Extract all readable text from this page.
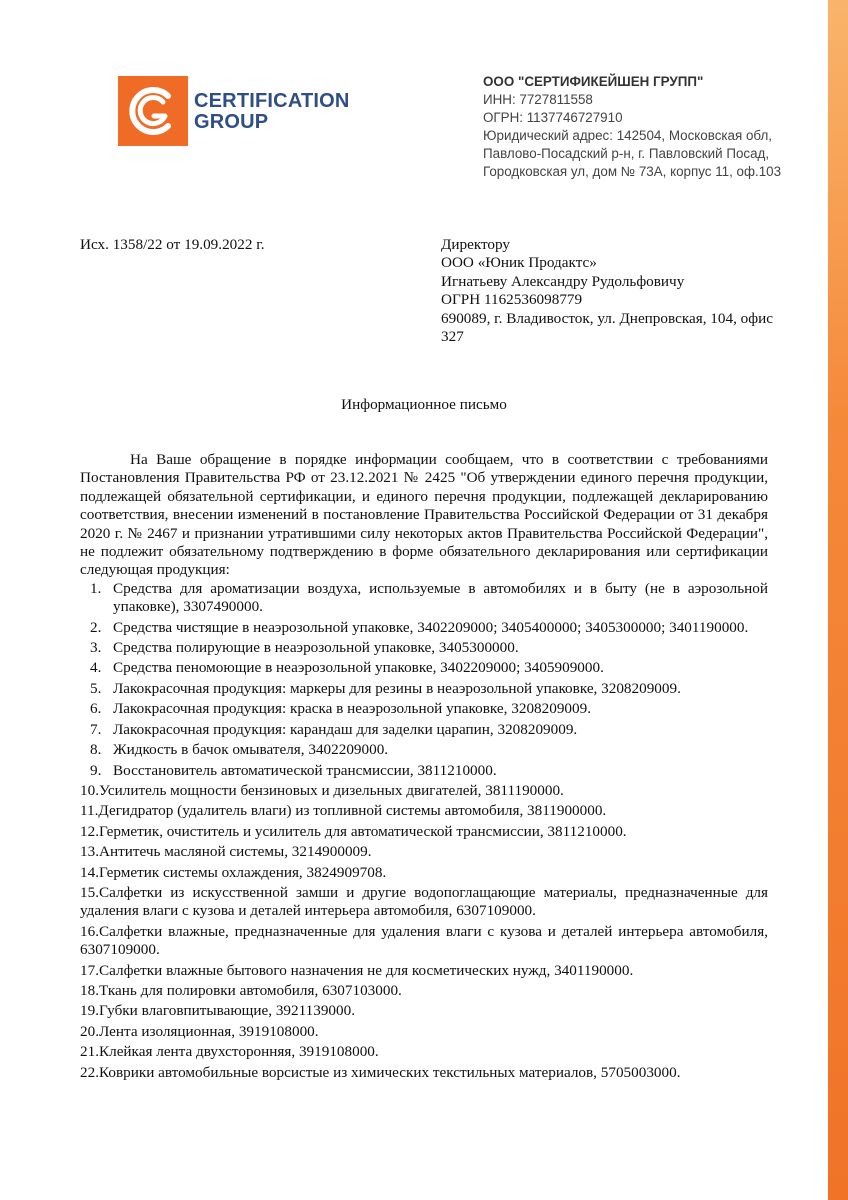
CERTIFICATION
GROUP
ООО "СЕРТИФИКЕЙШЕН ГРУПП"
ИНН: 7727811558
ОГРН: 1137746727910
Юридический адрес: 142504, Московская обл,
Павлово-Посадский р-н, г. Павловский Посад,
Городковская ул, дом № 73А, корпус 11, оф.103
Исх. 1358/22 от 19.09.2022 г.	Директору
ООО «Юник Продактс»
Игнатьеву Александру Рудольфовичу
ОГРН 1162536098779
690089, г. Владивосток, ул. Днепровская, 104, офис 327
Информационное письмо

На Ваше обращение в порядке информации сообщаем, что в соответствии с требованиями Постановления Правительства РФ от 23.12.2021 № 2425 "Об утверждении единого перечня продукции, подлежащей обязательной сертификации, и единого перечня продукции, подлежащей декларированию соответствия, внесении изменений в постановление Правительства Российской Федерации от 31 декабря 2020 г. № 2467 и признании утратившими силу некоторых актов Правительства Российской Федерации", не подлежит обязательному подтверждению в форме обязательного декларирования или сертификации следующая продукция:

1. Средства для ароматизации воздуха, используемые в автомобилях и в быту (не в аэрозольной упаковке), 3307490000.
2. Средства чистящие в неаэрозольной упаковке, 3402209000; 3405400000; 3405300000; 3401190000.
3. Средства полирующие в неаэрозольной упаковке, 3405300000.
4. Средства пеномоющие в неаэрозольной упаковке, 3402209000; 3405909000.
5. Лакокрасочная продукция: маркеры для резины в неаэрозольной упаковке, 3208209009.
6. Лакокрасочная продукция: краска в неаэрозольной упаковке, 3208209009.
7. Лакокрасочная продукция: карандаш для заделки царапин, 3208209009.
8. Жидкость в бачок омывателя, 3402209000.
9. Восстановитель автоматической трансмиссии, 3811210000.
10.Усилитель мощности бензиновых и дизельных двигателей, 3811190000.
11.Дегидратор (удалитель влаги) из топливной системы автомобиля, 3811900000.
12.Герметик, очиститель и усилитель для автоматической трансмиссии, 3811210000.
13.Антитечь масляной системы, 3214900009.
14.Герметик системы охлаждения, 3824909708.
15.Салфетки из искусственной замши и другие водопоглащающие материалы, предназначенные для удаления влаги с кузова и деталей интерьера автомобиля, 6307109000.
16.Салфетки влажные, предназначенные для удаления влаги с кузова и деталей интерьера автомобиля, 6307109000.
17.Салфетки влажные бытового назначения не для косметических нужд, 3401190000.
18.Ткань для полировки автомобиля, 6307103000.
19.Губки влаговпитывающие, 3921139000.
20.Лента изоляционная, 3919108000.
21.Клейкая лента двухсторонняя, 3919108000.
22.Коврики автомобильные ворсистые из химических текстильных материалов, 5705003000.
